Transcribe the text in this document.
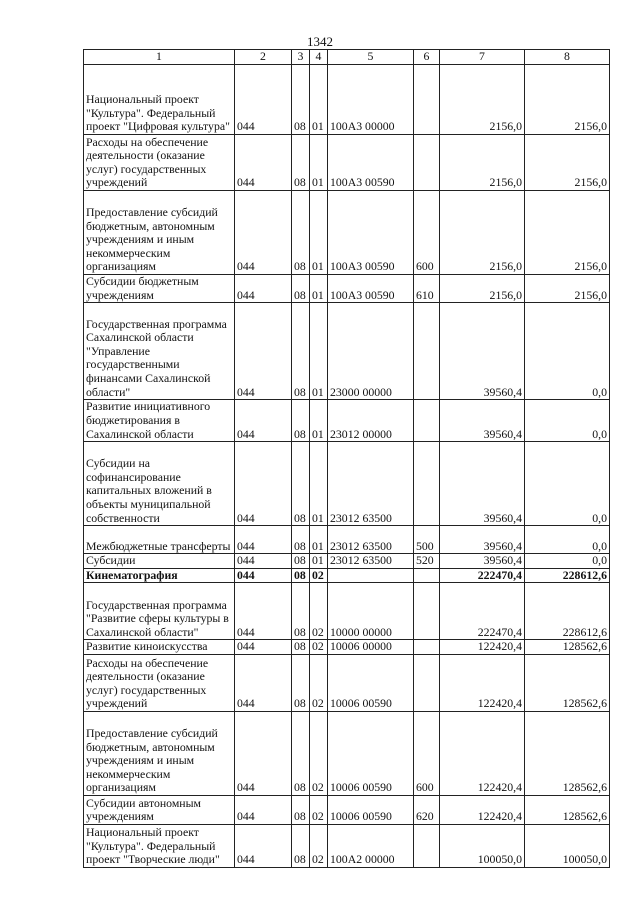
1342
1	2	3	4	5	6	7	8
Национальный проект "Культура". Федеральный проект "Цифровая культура"	044	08	01	100А3 00000		2156,0	2156,0
Расходы на обеспечение деятельности (оказание услуг) государственных учреждений	044	08	01	100А3 00590		2156,0	2156,0
Предоставление субсидий бюджетным, автономным учреждениям и иным некоммерческим организациям	044	08	01	100А3 00590	600	2156,0	2156,0
Субсидии бюджетным учреждениям	044	08	01	100А3 00590	610	2156,0	2156,0
Государственная программа Сахалинской области "Управление государственными финансами Сахалинской области"	044	08	01	23000 00000		39560,4	0,0
Развитие инициативного бюджетирования в Сахалинской области	044	08	01	23012 00000		39560,4	0,0
Субсидии на софинансирование капитальных вложений в объекты муниципальной собственности	044	08	01	23012 63500		39560,4	0,0
Межбюджетные трансферты	044	08	01	23012 63500	500	39560,4	0,0
Субсидии	044	08	01	23012 63500	520	39560,4	0,0
Кинематография	044	08	02			222470,4	228612,6
Государственная программа "Развитие сферы культуры в Сахалинской области"	044	08	02	10000 00000		222470,4	228612,6
Развитие киноискусства	044	08	02	10006 00000		122420,4	128562,6
Расходы на обеспечение деятельности (оказание услуг) государственных учреждений	044	08	02	10006 00590		122420,4	128562,6
Предоставление субсидий бюджетным, автономным учреждениям и иным некоммерческим организациям	044	08	02	10006 00590	600	122420,4	128562,6
Субсидии автономным учреждениям	044	08	02	10006 00590	620	122420,4	128562,6
Национальный проект "Культура". Федеральный проект "Творческие люди"	044	08	02	100А2 00000		100050,0	100050,0
